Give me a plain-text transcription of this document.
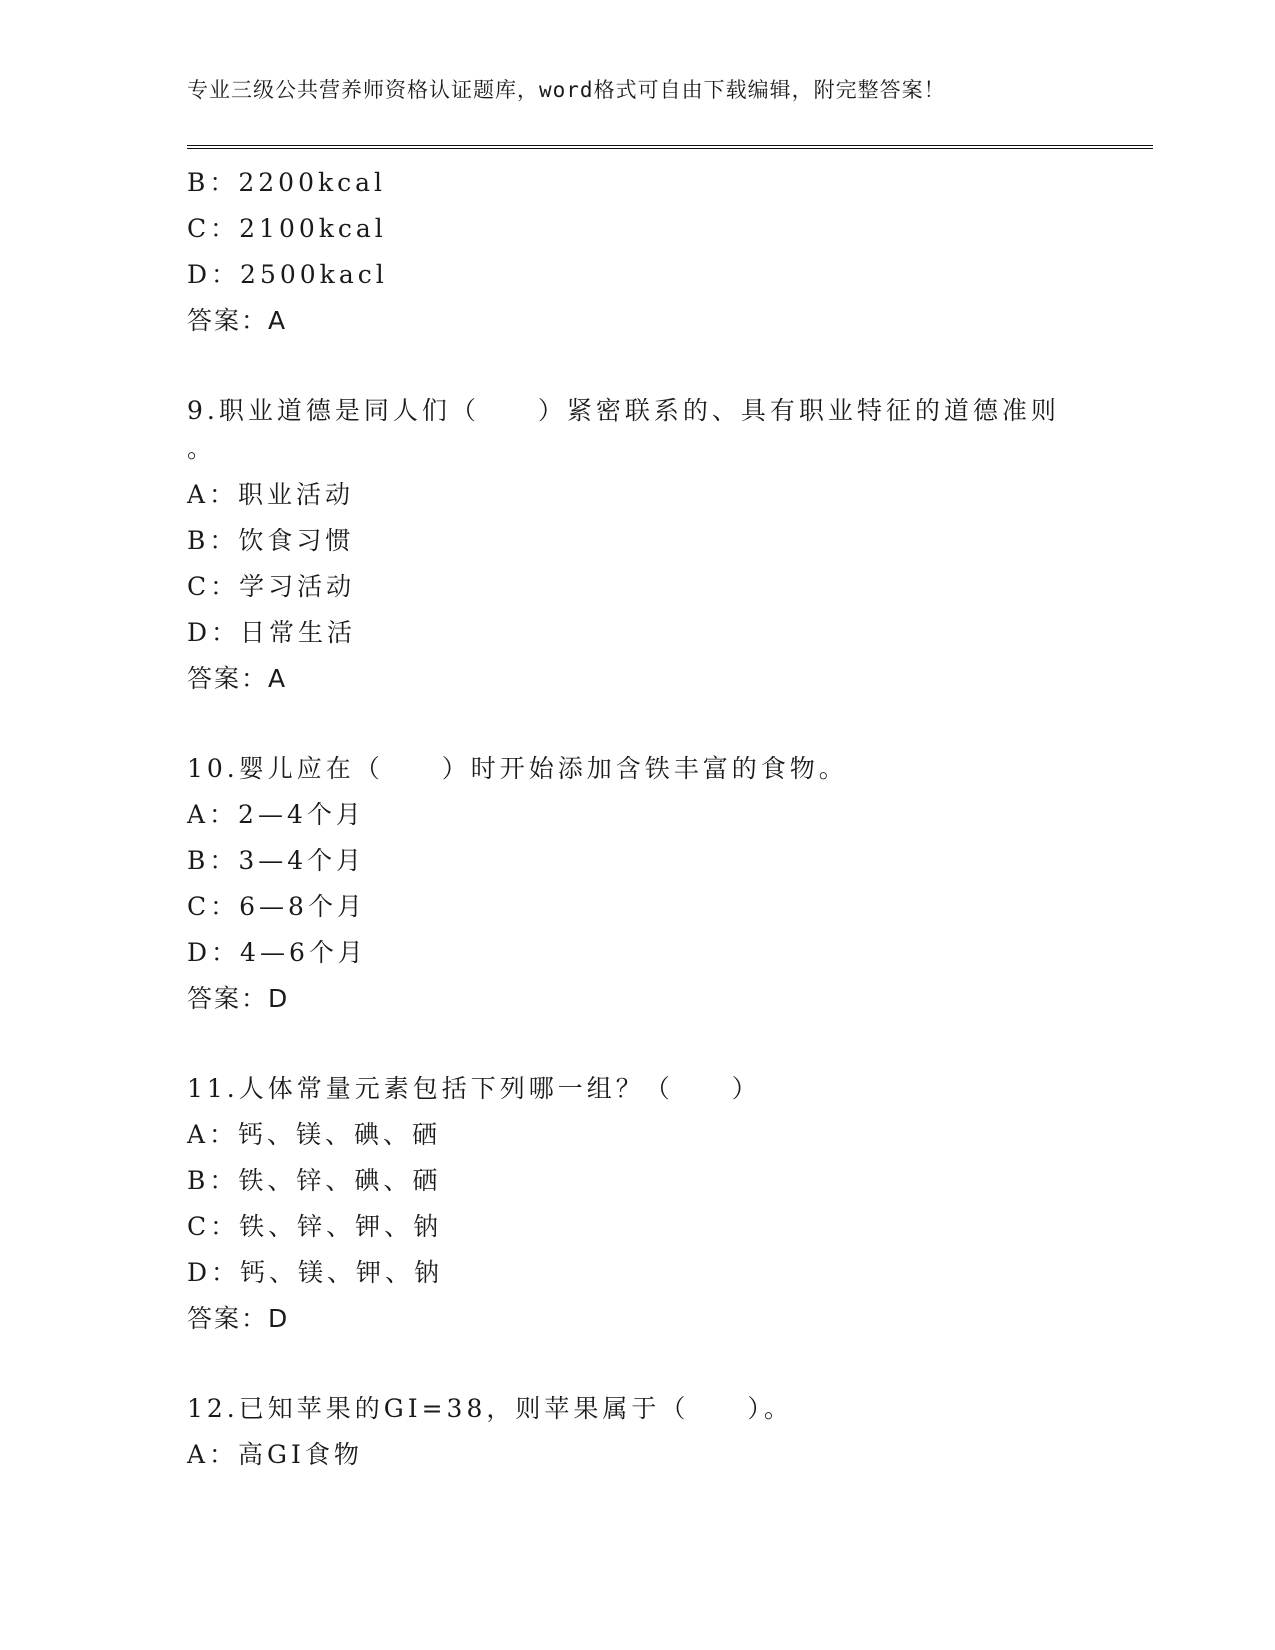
专业三级公共营养师资格认证题库，word格式可自由下载编辑，附完整答案！
B：2200kcal
C：2100kcal
D：2500kacl
答案：A
9.职业道德是同人们（　　）紧密联系的、具有职业特征的道德准则
。
A：职业活动
B：饮食习惯
C：学习活动
D：日常生活
答案：A
10.婴儿应在（　　）时开始添加含铁丰富的食物。
A：2—4个月
B：3—4个月
C：6—8个月
D：4—6个月
答案：D
11.人体常量元素包括下列哪一组？（　　）
A：钙、镁、碘、硒
B：铁、锌、碘、硒
C：铁、锌、钾、钠
D：钙、镁、钾、钠
答案：D
12.已知苹果的GI=38，则苹果属于（　　）。
A：高GI食物
